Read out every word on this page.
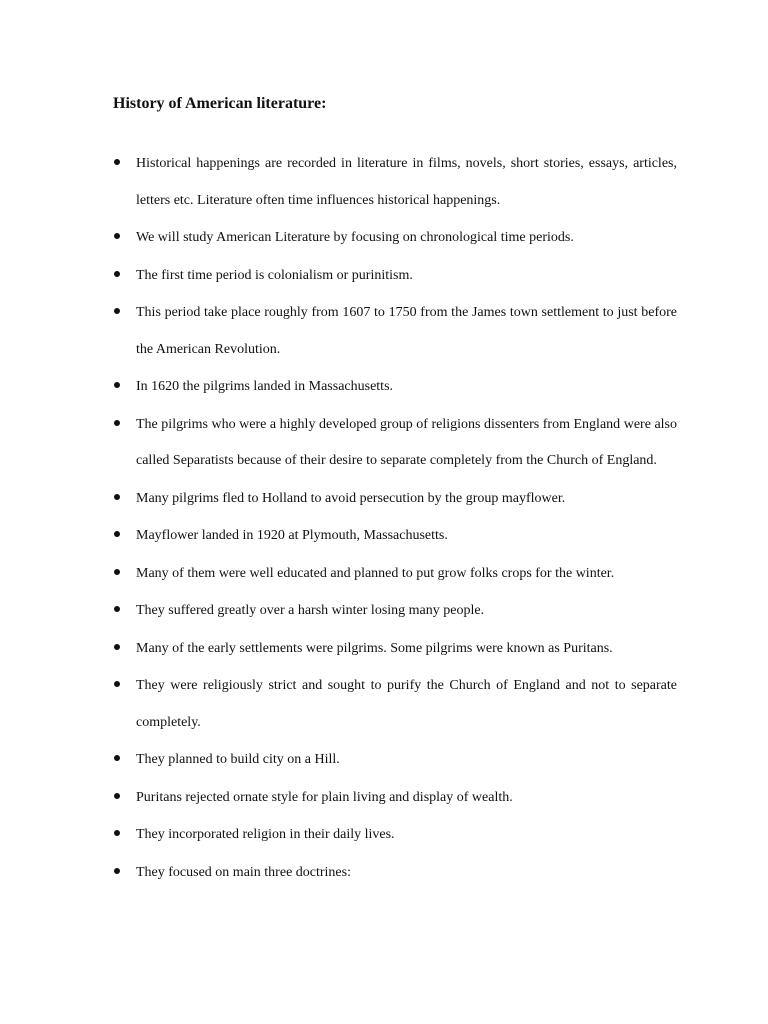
History of American literature:
Historical happenings are recorded in literature in films, novels, short stories, essays, articles, letters etc. Literature often time influences historical happenings.
We will study American Literature by focusing on chronological time periods.
The first time period is colonialism or purinitism.
This period take place roughly from 1607 to 1750 from the James town settlement to just before the American Revolution.
In 1620 the pilgrims landed in Massachusetts.
The pilgrims who were a highly developed group of religions dissenters from England were also called Separatists because of their desire to separate completely from the Church of England.
Many pilgrims fled to Holland to avoid persecution by the group mayflower.
Mayflower landed in 1920 at Plymouth, Massachusetts.
Many of them were well educated and planned to put grow folks crops for the winter.
They suffered greatly over a harsh winter losing many people.
Many of the early settlements were pilgrims. Some pilgrims were known as Puritans.
They were religiously strict and sought to purify the Church of England and not to separate completely.
They planned to build city on a Hill.
Puritans rejected ornate style for plain living and display of wealth.
They incorporated religion in their daily lives.
They focused on main three doctrines:
